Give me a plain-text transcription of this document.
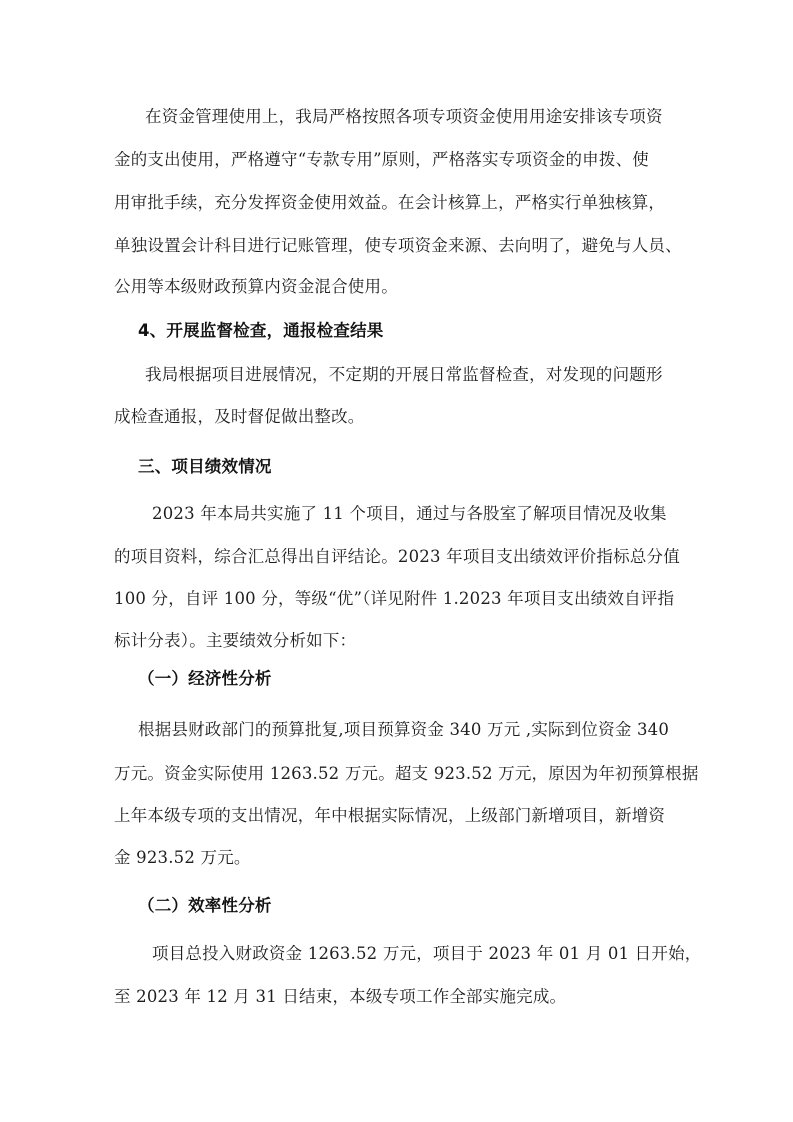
在资金管理使用上，我局严格按照各项专项资金使用用途安排该专项资
金的支出使用，严格遵守“专款专用”原则，严格落实专项资金的申拨、使
用审批手续，充分发挥资金使用效益。在会计核算上，严格实行单独核算，
单独设置会计科目进行记账管理，使专项资金来源、去向明了，避免与人员、
公用等本级财政预算内资金混合使用。
4、开展监督检查，通报检查结果
我局根据项目进展情况，不定期的开展日常监督检查，对发现的问题形
成检查通报，及时督促做出整改。
三、项目绩效情况
2023 年本局共实施了 11 个项目，通过与各股室了解项目情况及收集
的项目资料，综合汇总得出自评结论。2023 年项目支出绩效评价指标总分值
100 分，自评 100 分，等级“优”（详见附件 1.2023 年项目支出绩效自评指
标计分表）。主要绩效分析如下：
（一）经济性分析
根据县财政部门的预算批复,项目预算资金 340 万元 ,实际到位资金 340
万元。资金实际使用 1263.52 万元。超支 923.52 万元，原因为年初预算根据
上年本级专项的支出情况，年中根据实际情况，上级部门新增项目，新增资
金 923.52 万元。
（二）效率性分析
项目总投入财政资金 1263.52 万元，项目于 2023 年 01 月 01 日开始，
至 2023 年 12 月 31 日结束，本级专项工作全部实施完成。
